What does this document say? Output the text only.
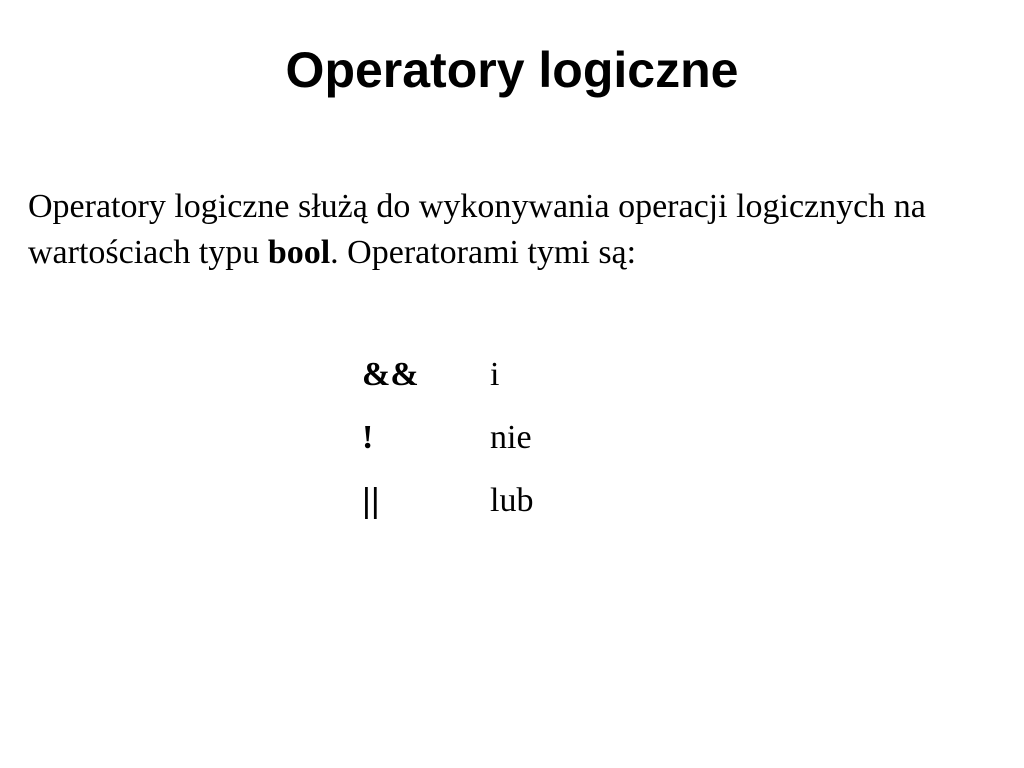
Operatory logiczne

Operatory logiczne służą do wykonywania operacji logicznych na wartościach typu bool. Operatorami tymi są:

&& i
!	nie
||	lub
